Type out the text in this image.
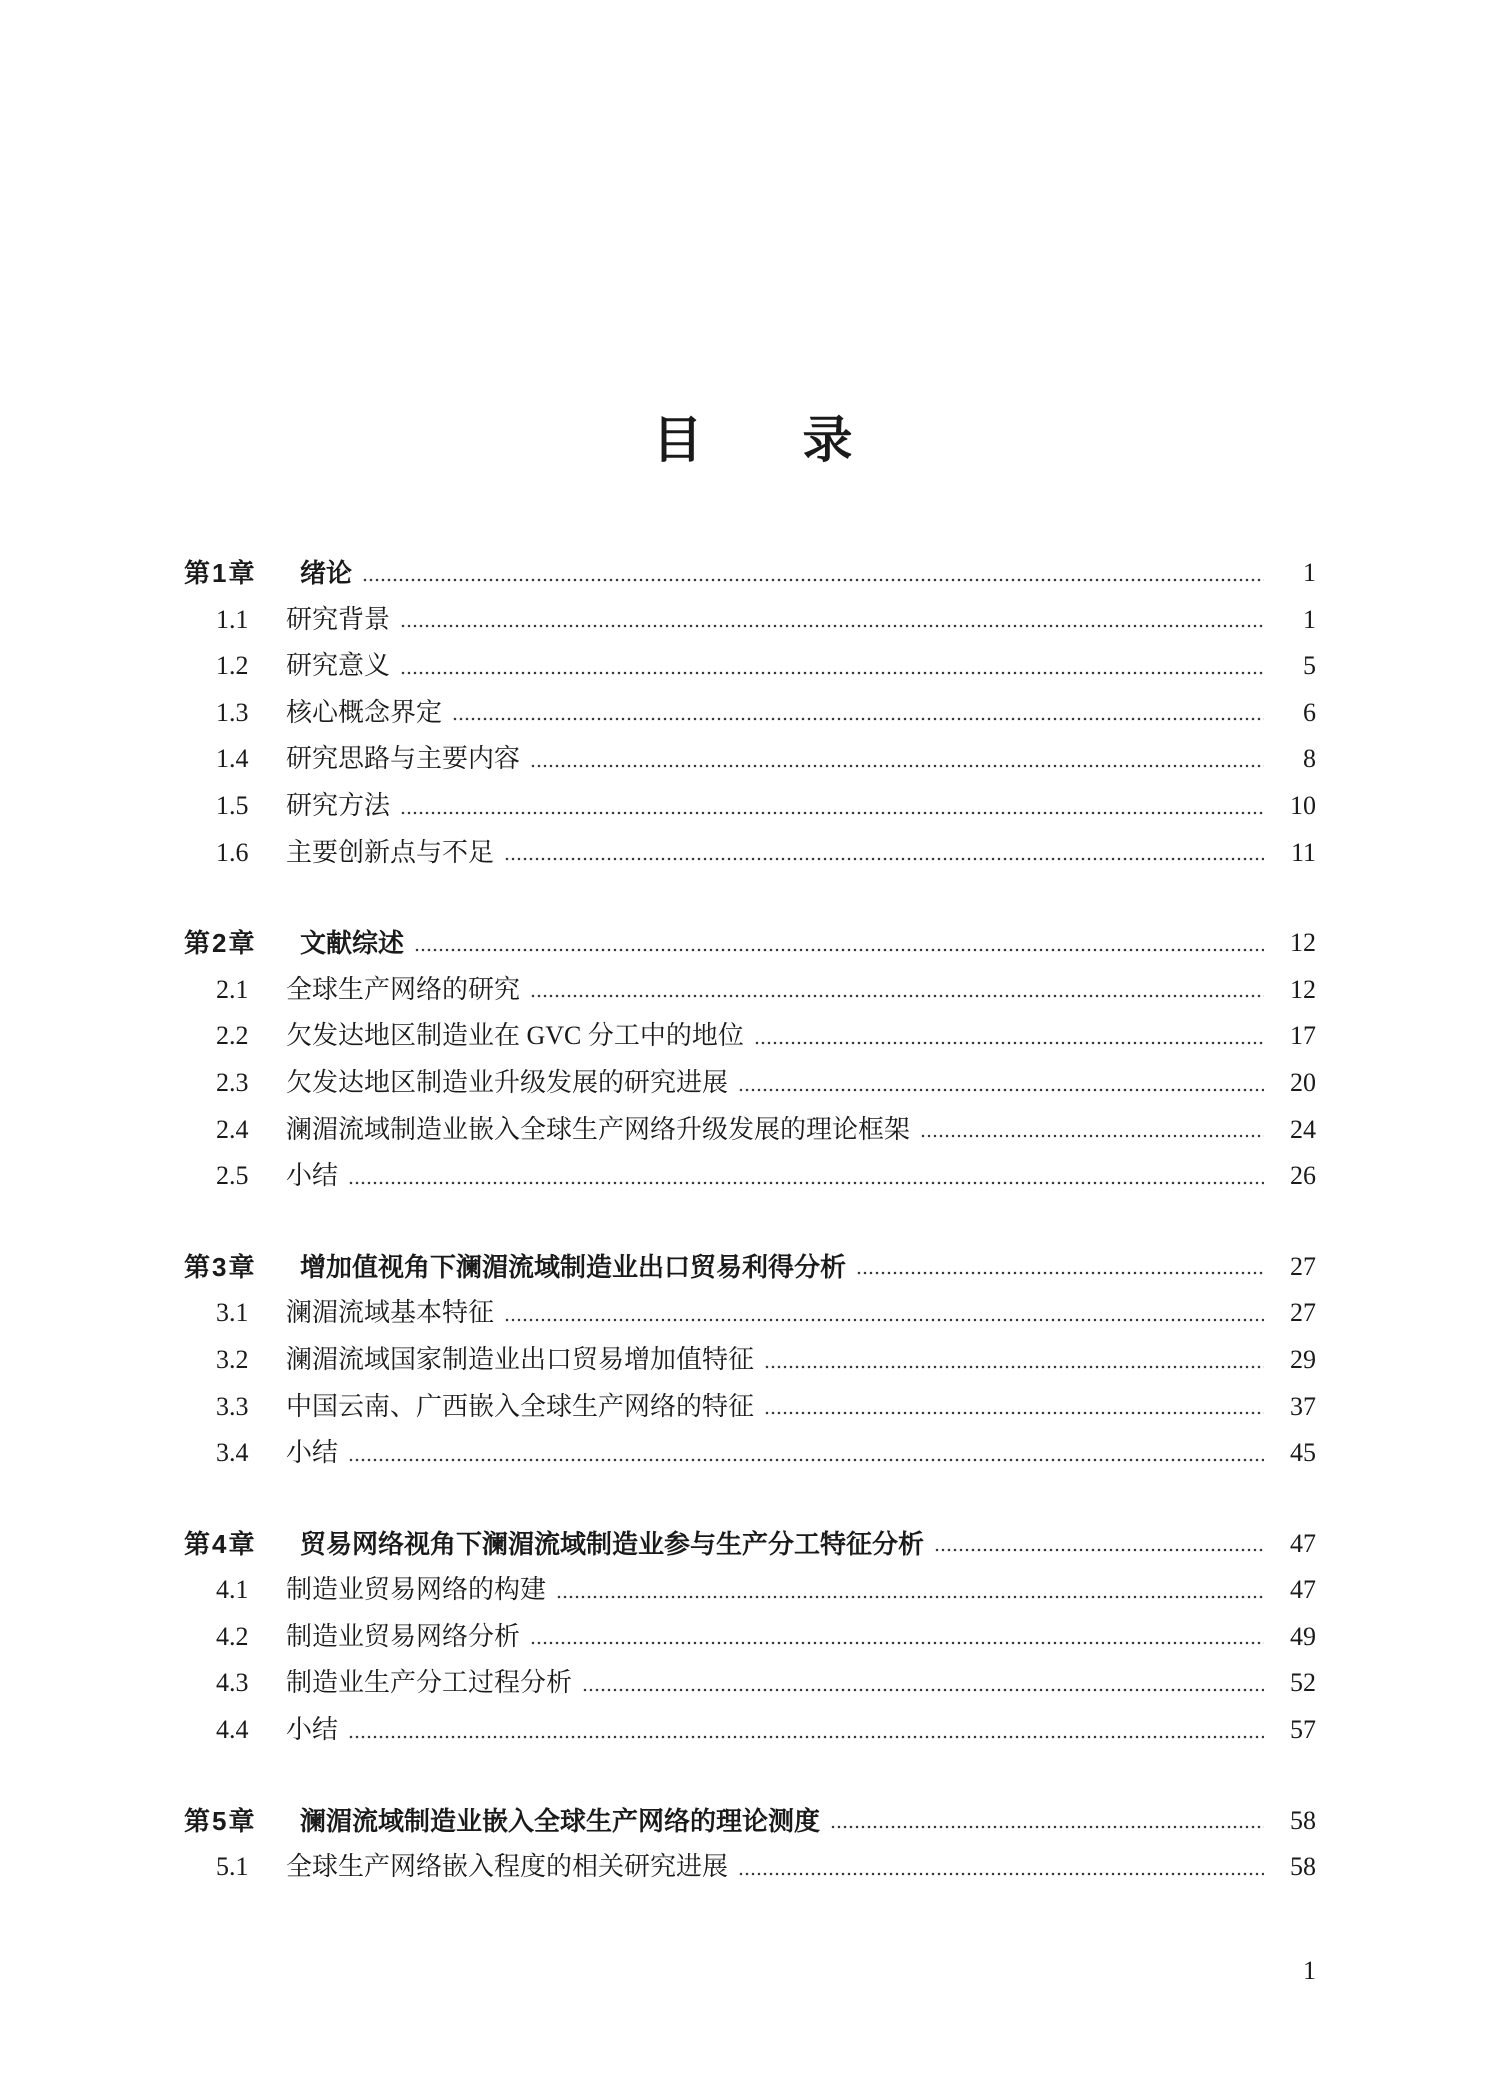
目录
第1章	绪论	1
1.1	研究背景	1
1.2	研究意义	5
1.3	核心概念界定	6
1.4	研究思路与主要内容	8
1.5	研究方法	10
1.6	主要创新点与不足	11
第2章	文献综述	12
2.1	全球生产网络的研究	12
2.2	欠发达地区制造业在 GVC 分工中的地位	17
2.3	欠发达地区制造业升级发展的研究进展	20
2.4	澜湄流域制造业嵌入全球生产网络升级发展的理论框架	24
2.5	小结	26
第3章	增加值视角下澜湄流域制造业出口贸易利得分析	27
3.1	澜湄流域基本特征	27
3.2	澜湄流域国家制造业出口贸易增加值特征	29
3.3	中国云南、广西嵌入全球生产网络的特征	37
3.4	小结	45
第4章	贸易网络视角下澜湄流域制造业参与生产分工特征分析	47
4.1	制造业贸易网络的构建	47
4.2	制造业贸易网络分析	49
4.3	制造业生产分工过程分析	52
4.4	小结	57
第5章	澜湄流域制造业嵌入全球生产网络的理论测度	58
5.1	全球生产网络嵌入程度的相关研究进展	58
1
